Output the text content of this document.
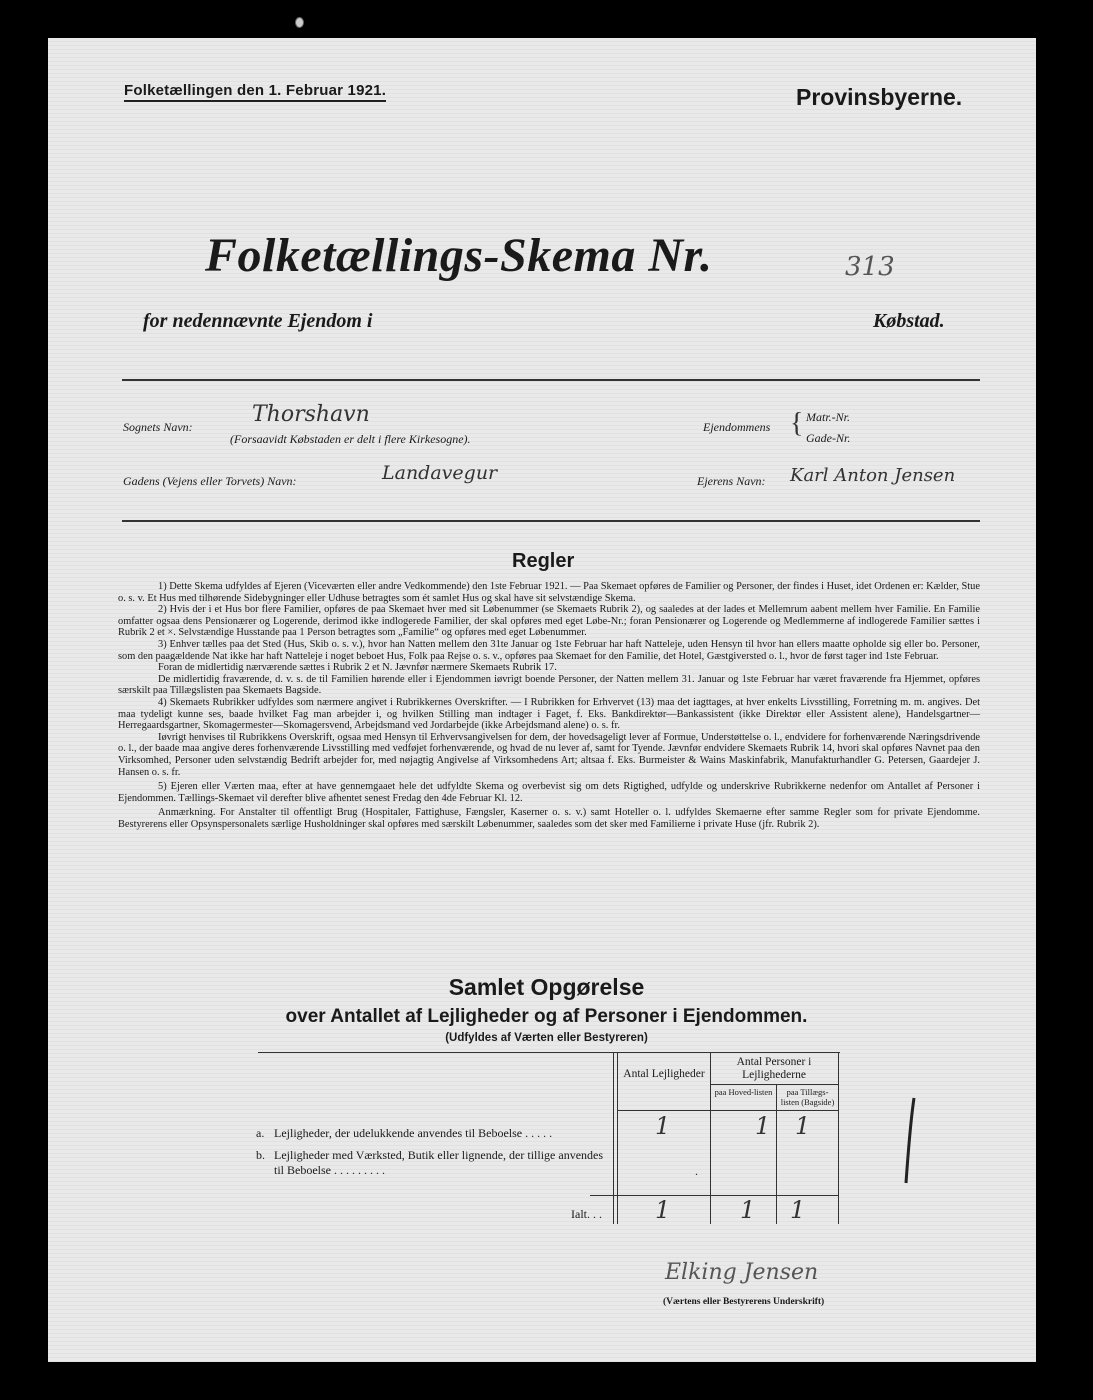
Folketællingen den 1. Februar 1921.	Provinsbyerne.
Folketællings-Skema Nr.	313
for nedennævnte Ejendom i	Købstad.
Sognets Navn:	Thorshavn
(Forsaavidt Købstaden er delt i flere Kirkesogne).
Ejendommens { Matr.-Nr.
Gade-Nr.
Gadens (Vejens eller Torvets) Navn:	Landavegur	Ejerens Navn: Karl Anton Jensen
Regler

1) Dette Skema udfyldes af Ejeren (Viceværten eller andre Vedkommende) den 1ste Februar 1921. — Paa Skemaet opføres de Familier og Personer, der findes i Huset, idet Ordenen er: Kælder, Stue o. s. v. Et Hus med tilhørende Sidebygninger eller Udhuse betragtes som ét samlet Hus og skal have sit selvstændige Skema.

2) Hvis der i et Hus bor flere Familier, opføres de paa Skemaet hver med sit Løbenummer (se Skemaets Rubrik 2), og saaledes at der lades et Mellemrum aabent mellem hver Familie. En Familie omfatter ogsaa dens Pensionærer og Logerende, derimod ikke indlogerede Familier, der skal opføres med eget Løbe-Nr.; foran Pensionærer og Logerende og Medlemmerne af indlogerede Familier sættes i Rubrik 2 et ×. Selvstændige Husstande paa 1 Person betragtes som „Familie“ og opføres med eget Løbenummer.

3) Enhver tælles paa det Sted (Hus, Skib o. s. v.), hvor han Natten mellem den 31te Januar og 1ste Februar har haft Natteleje, uden Hensyn til hvor han ellers maatte opholde sig eller bo. Personer, som den paagældende Nat ikke har haft Natteleje i noget beboet Hus, Folk paa Rejse o. s. v., opføres paa Skemaet for den Familie, det Hotel, Gæstgiversted o. l., hvor de først tager ind 1ste Februar.

Foran de midlertidig nærværende sættes i Rubrik 2 et N. Jævnfør nærmere Skemaets Rubrik 17.

De midlertidig fraværende, d. v. s. de til Familien hørende eller i Ejendommen iøvrigt boende Personer, der Natten mellem 31. Januar og 1ste Februar har været fraværende fra Hjemmet, opføres særskilt paa Tillægslisten paa Skemaets Bagside.

4) Skemaets Rubrikker udfyldes som nærmere angivet i Rubrikkernes Overskrifter. — I Rubrikken for Erhvervet (13) maa det iagttages, at hver enkelts Livsstilling, Forretning m. m. angives. Det maa tydeligt kunne ses, baade hvilket Fag man arbejder i, og hvilken Stilling man indtager i Faget, f. Eks. Bankdirektør—Bankassistent (ikke Direktør eller Assistent alene), Handelsgartner—Herregaardsgartner, Skomagermester—Skomagersvend, Arbejdsmand ved Jordarbejde (ikke Arbejdsmand alene) o. s. fr.

Iøvrigt henvises til Rubrikkens Overskrift, ogsaa med Hensyn til Erhvervsangivelsen for dem, der hovedsageligt lever af Formue, Understøttelse o. l., endvidere for forhenværende Næringsdrivende o. l., der baade maa angive deres forhenværende Livsstilling med vedføjet forhenværende, og hvad de nu lever af, samt for Tyende. Jævnfør endvidere Skemaets Rubrik 14, hvori skal opføres Navnet paa den Virksomhed, Personer uden selvstændig Bedrift arbejder for, med nøjagtig Angivelse af Virksomhedens Art; altsaa f. Eks. Burmeister & Wains Maskinfabrik, Manufakturhandler G. Petersen, Gaardejer J. Hansen o. s. fr.

5) Ejeren eller Værten maa, efter at have gennemgaaet hele det udfyldte Skema og overbevist sig om dets Rigtighed, udfylde og underskrive Rubrikkerne nedenfor om Antallet af Personer i Ejendommen. Tællings-Skemaet vil derefter blive afhentet senest Fredag den 4de Februar Kl. 12.

Anmærkning. For Anstalter til offentligt Brug (Hospitaler, Fattighuse, Fængsler, Kaserner o. s. v.) samt Hoteller o. l. udfyldes Skemaerne efter samme Regler som for private Ejendomme. Bestyrerens eller Opsynspersonalets særlige Husholdninger skal opføres med særskilt Løbenummer, saaledes som det sker med Familierne i private Huse (jfr. Rubrik 2).

Samlet Opgørelse
over Antallet af Lejligheder og af Personer i Ejendommen.
(Udfyldes af Værten eller Bestyreren)
Antal Lejligheder
Antal Personer i Lejlighederne
paa Hoved-listen	paa Tillægs-listen (Bagside)
a. Lejligheder, der udelukkende anvendes til Beboelse . . . . .	1	1 1
b. Lejligheder med Værksted, Butik eller lignende, der tillige anvendes til Beboelse . . . . . . . . .	.
Ialt. . . 1	1 1
Elking Jensen
(Værtens eller Bestyrerens Underskrift)
